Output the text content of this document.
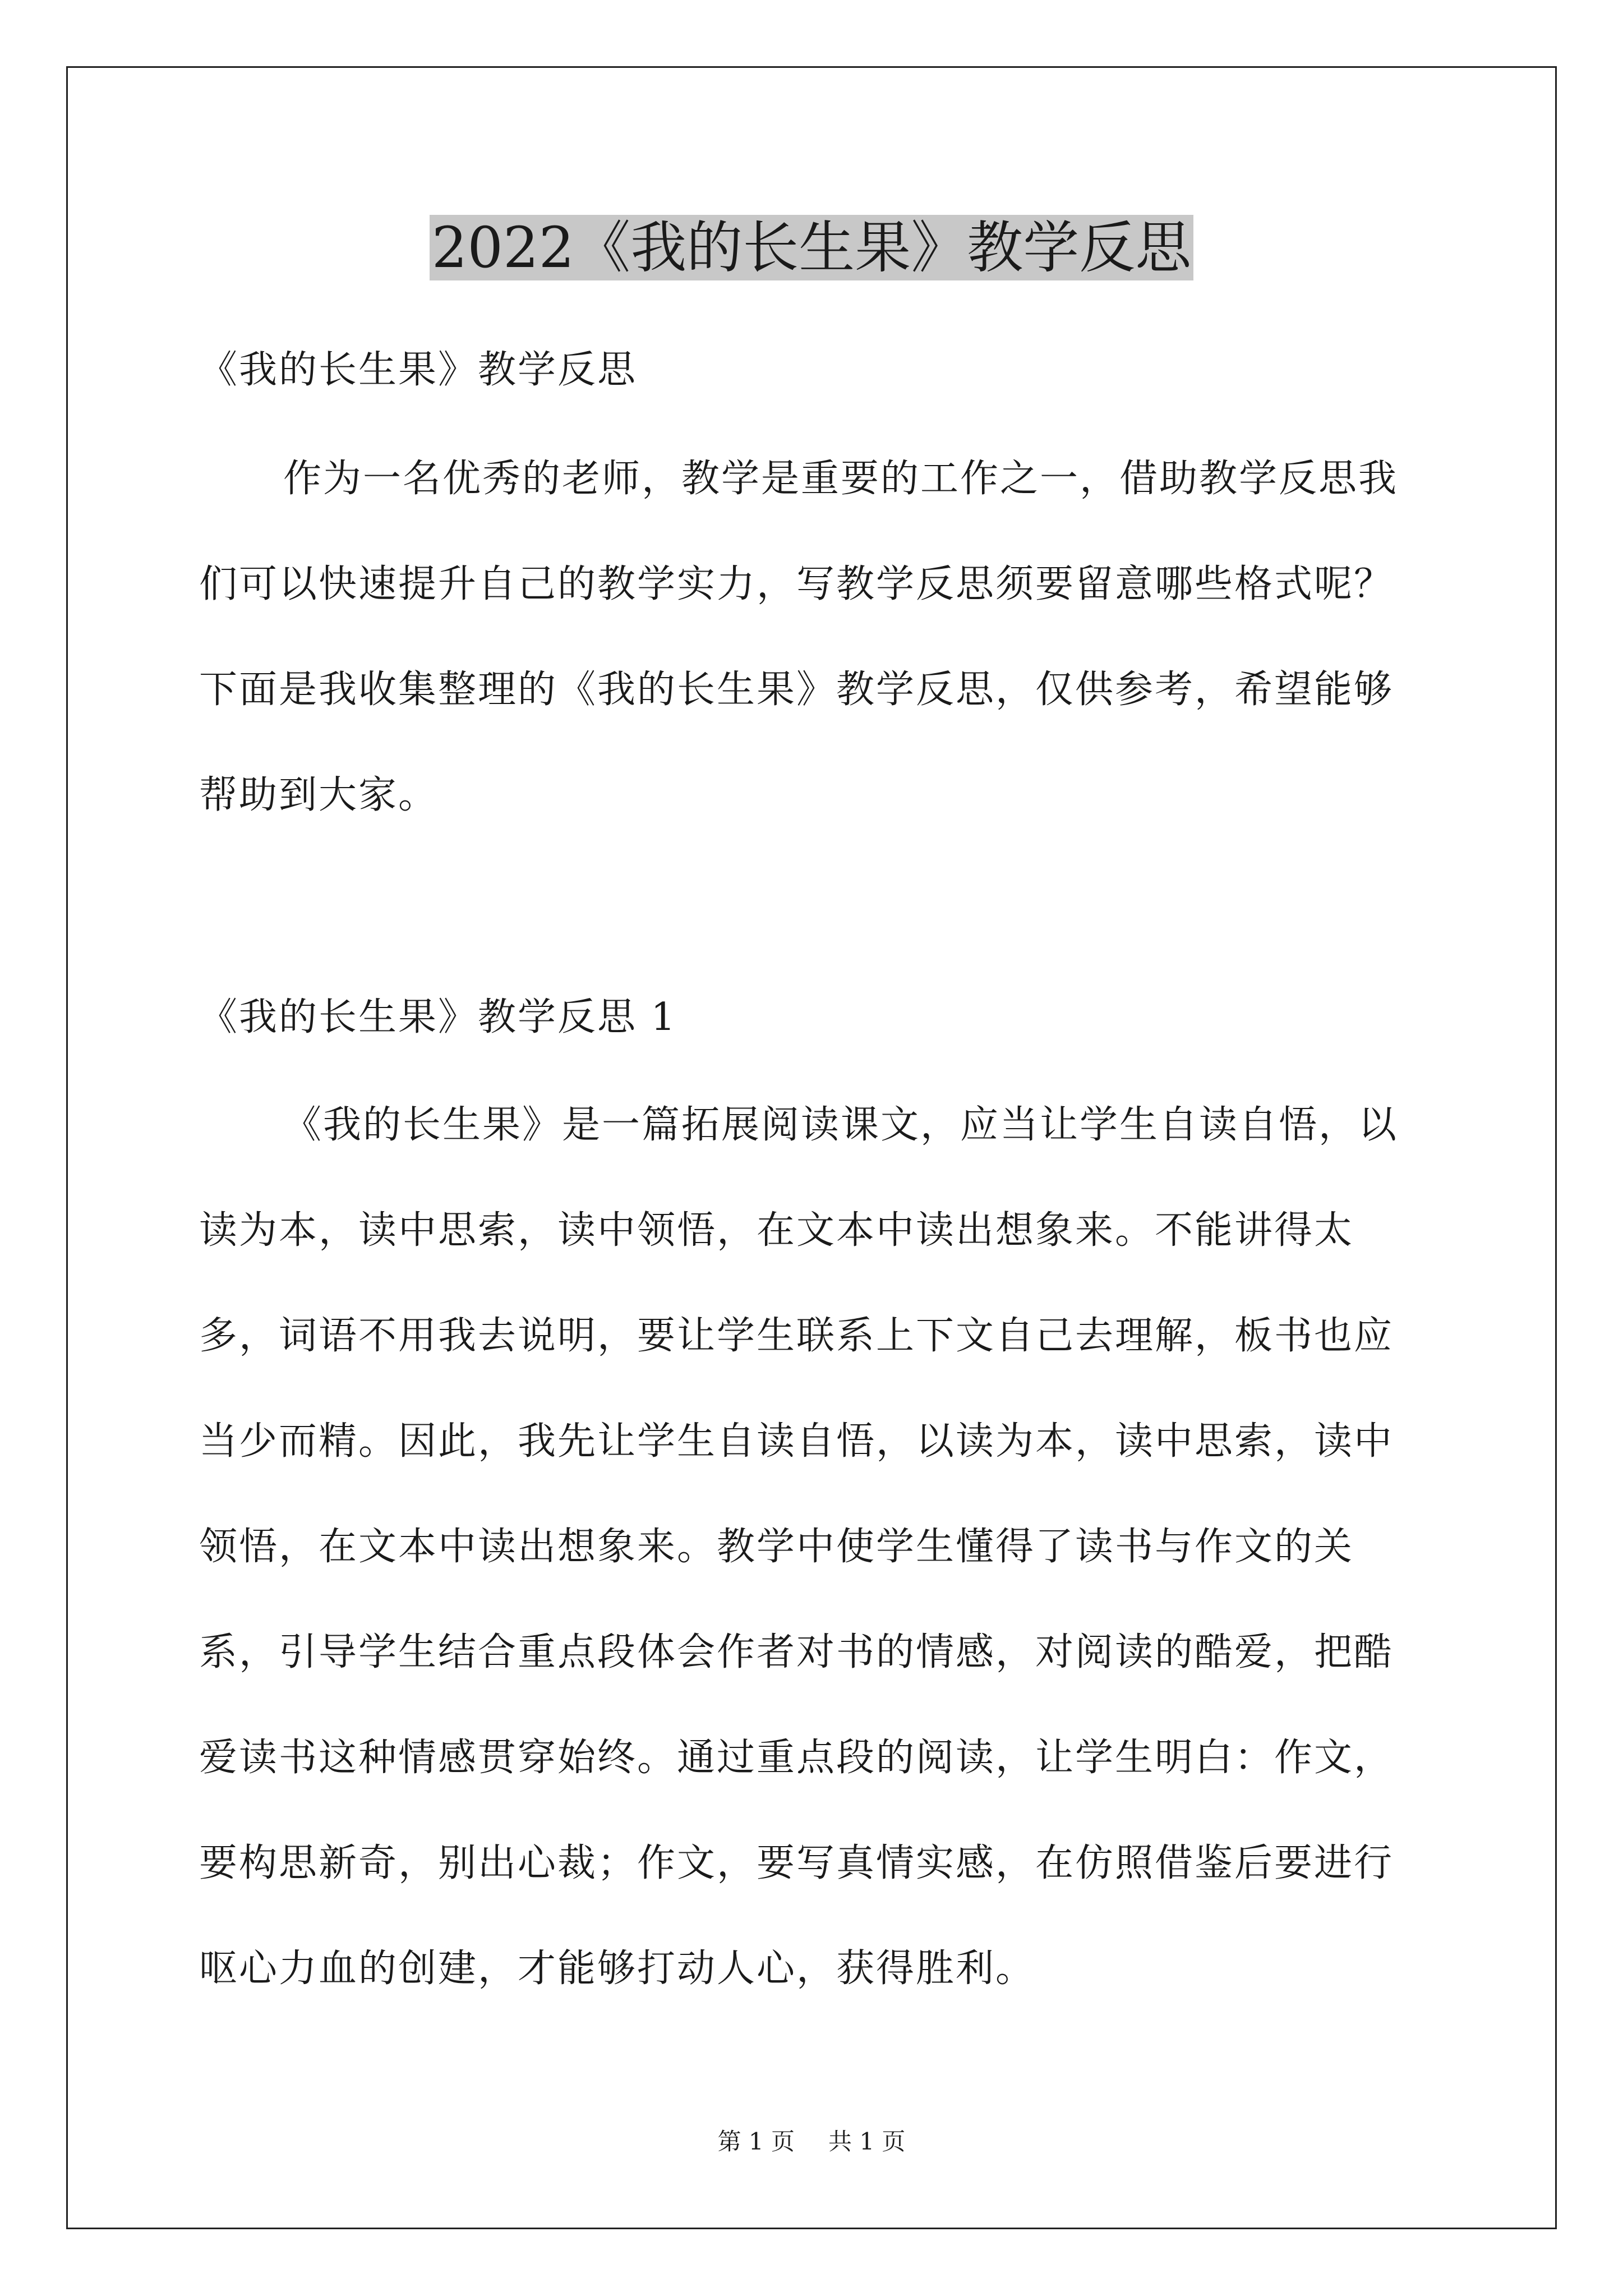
2022《我的长生果》教学反思

《我的长生果》教学反思

作为一名优秀的老师，教学是重要的工作之一，借助教学反思我们可以快速提升自己的教学实力，写教学反思须要留意哪些格式呢？下面是我收集整理的《我的长生果》教学反思，仅供参考，希望能够帮助到大家。

《我的长生果》教学反思 1

《我的长生果》是一篇拓展阅读课文，应当让学生自读自悟，以读为本，读中思索，读中领悟，在文本中读出想象来。不能讲得太多，词语不用我去说明，要让学生联系上下文自己去理解，板书也应当少而精。因此，我先让学生自读自悟，以读为本，读中思索，读中领悟，在文本中读出想象来。教学中使学生懂得了读书与作文的关系，引导学生结合重点段体会作者对书的情感，对阅读的酷爱，把酷爱读书这种情感贯穿始终。通过重点段的阅读，让学生明白：作文，要构思新奇，别出心裁；作文，要写真情实感，在仿照借鉴后要进行呕心力血的创建，才能够打动人心，获得胜利。

第 1 页 共 1 页
